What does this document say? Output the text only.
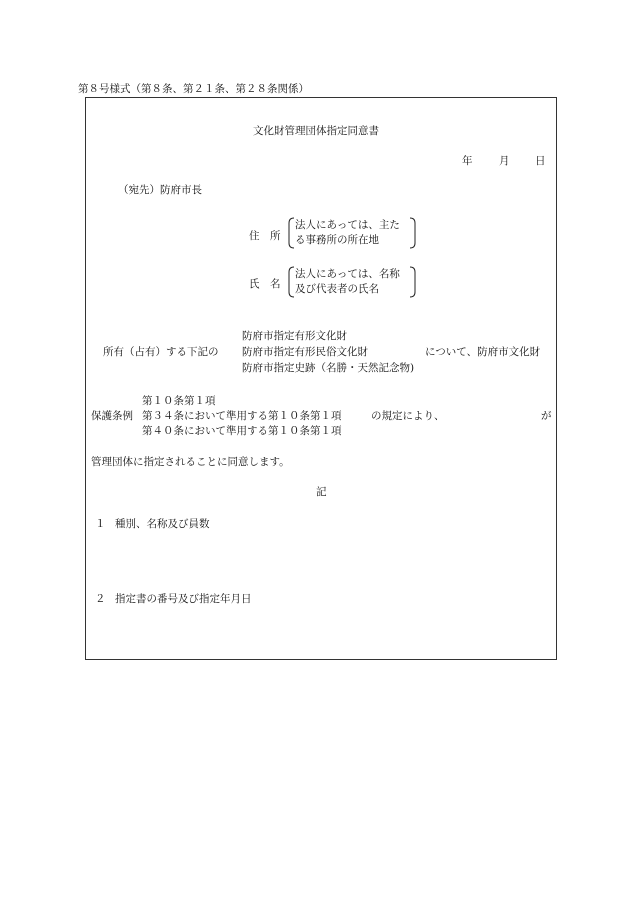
第８号様式（第８条、第２１条、第２８条関係）
文化財管理団体指定同意書
年	月 日
（宛先）防府市長
住　所
法人にあっては、主た
る事務所の所在地
氏　名
法人にあっては、名称
及び代表者の氏名
防府市指定有形文化財
所有（占有）する下記の 防府市指定有形民俗文化財	について、防府市文化財
防府市指定史跡（名勝・天然記念物)
第１０条第１項
保護条例 第３４条において準用する第１０条第１項	の規定により、	が
第４０条において準用する第１０条第１項
管理団体に指定されることに同意します。
記
１ 種別、名称及び員数
２ 指定書の番号及び指定年月日
